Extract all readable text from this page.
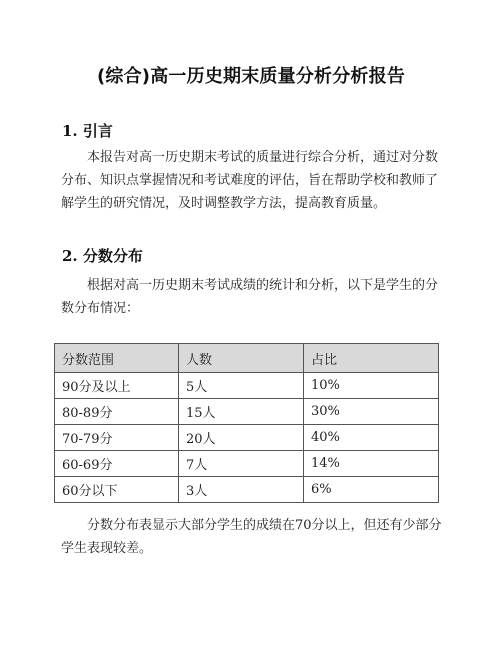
(综合)高一历史期末质量分析分析报告
1. 引言

本报告对高一历史期末考试的质量进行综合分析，通过对分数分布、知识点掌握情况和考试难度的评估，旨在帮助学校和教师了解学生的研究情况，及时调整教学方法，提高教育质量。

2. 分数分布

根据对高一历史期末考试成绩的统计和分析，以下是学生的分数分布情况：

分数范围	人数	占比
90分及以上	5人	10%
80-89分	15人	30%
70-79分	20人	40%
60-69分	7人	14%
60分以下	3人	6%

分数分布表显示大部分学生的成绩在70分以上，但还有少部分学生表现较差。
